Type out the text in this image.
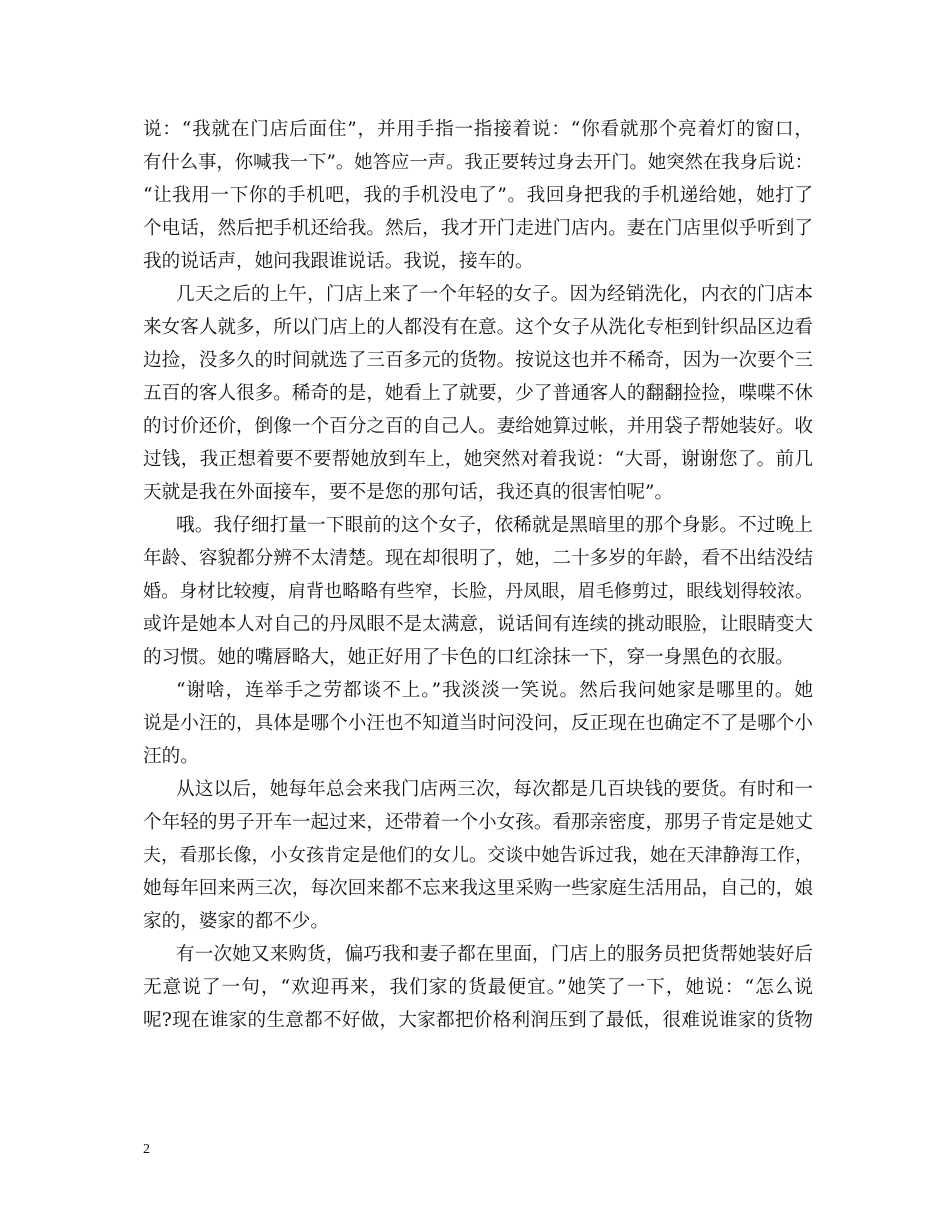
说：“我就在门店后面住”，并用手指一指接着说：“你看就那个亮着灯的窗口，
有什么事，你喊我一下”。她答应一声。我正要转过身去开门。她突然在我身后说：
“让我用一下你的手机吧，我的手机没电了”。我回身把我的手机递给她，她打了
个电话，然后把手机还给我。然后，我才开门走进门店内。妻在门店里似乎听到了
我的说话声，她问我跟谁说话。我说，接车的。
几天之后的上午，门店上来了一个年轻的女子。因为经销洗化，内衣的门店本
来女客人就多，所以门店上的人都没有在意。这个女子从洗化专柜到针织品区边看
边捡，没多久的时间就选了三百多元的货物。按说这也并不稀奇，因为一次要个三
五百的客人很多。稀奇的是，她看上了就要，少了普通客人的翻翻捡捡，喋喋不休
的讨价还价，倒像一个百分之百的自己人。妻给她算过帐，并用袋子帮她装好。收
过钱，我正想着要不要帮她放到车上，她突然对着我说：“大哥，谢谢您了。前几
天就是我在外面接车，要不是您的那句话，我还真的很害怕呢”。
哦。我仔细打量一下眼前的这个女子，依稀就是黑暗里的那个身影。不过晚上
年龄、容貌都分辨不太清楚。现在却很明了，她，二十多岁的年龄，看不出结没结
婚。身材比较瘦，肩背也略略有些窄，长脸，丹凤眼，眉毛修剪过，眼线划得较浓。
或许是她本人对自己的丹凤眼不是太满意，说话间有连续的挑动眼脸，让眼睛变大
的习惯。她的嘴唇略大，她正好用了卡色的口红涂抹一下，穿一身黑色的衣服。
“谢啥，连举手之劳都谈不上。”我淡淡一笑说。然后我问她家是哪里的。她
说是小汪的，具体是哪个小汪也不知道当时问没问，反正现在也确定不了是哪个小
汪的。
从这以后，她每年总会来我门店两三次，每次都是几百块钱的要货。有时和一
个年轻的男子开车一起过来，还带着一个小女孩。看那亲密度，那男子肯定是她丈
夫，看那长像，小女孩肯定是他们的女儿。交谈中她告诉过我，她在天津静海工作，
她每年回来两三次，每次回来都不忘来我这里采购一些家庭生活用品，自己的，娘
家的，婆家的都不少。
有一次她又来购货，偏巧我和妻子都在里面，门店上的服务员把货帮她装好后
无意说了一句，“欢迎再来，我们家的货最便宜。”她笑了一下，她说：“怎么说
呢?现在谁家的生意都不好做，大家都把价格利润压到了最低，很难说谁家的货物
2
